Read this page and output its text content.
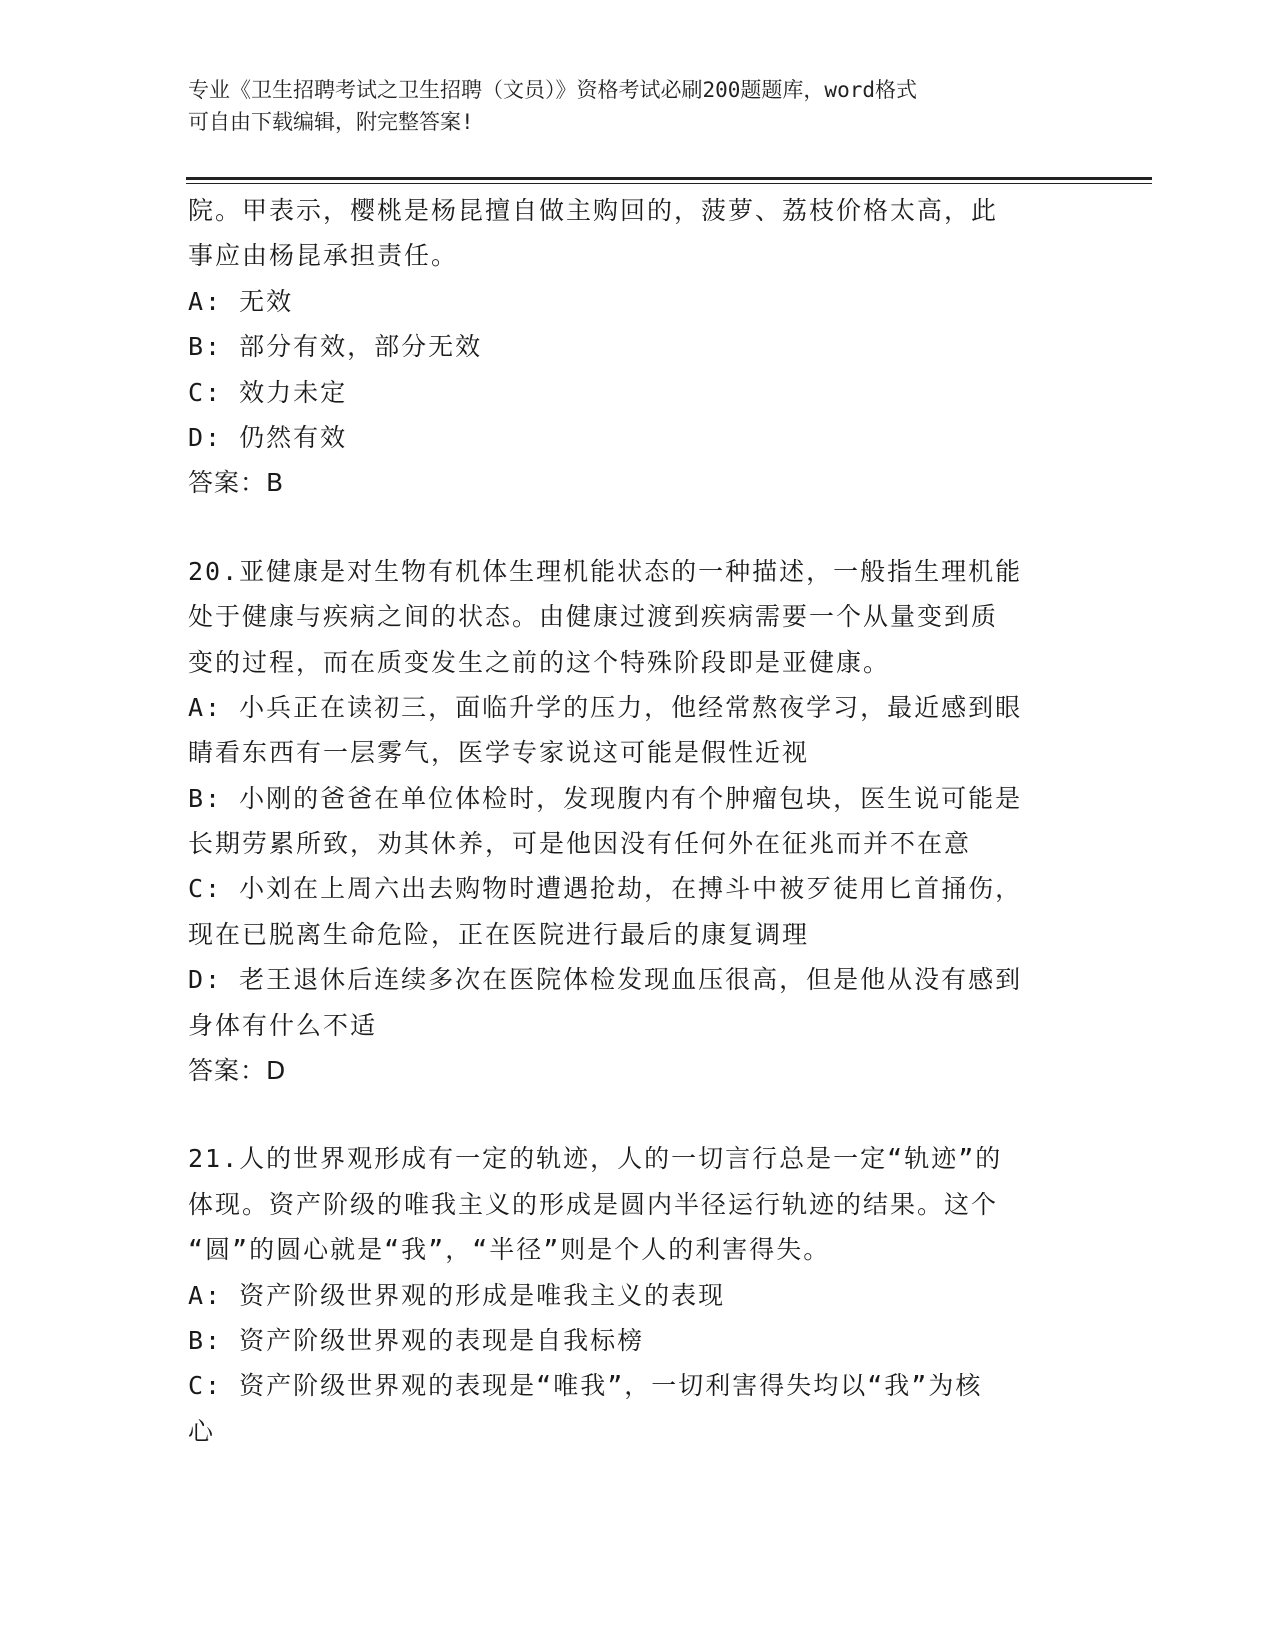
专业《卫生招聘考试之卫生招聘（文员）》资格考试必刷200题题库，word格式
可自由下载编辑，附完整答案!
院。甲表示，樱桃是杨昆擅自做主购回的，菠萝、荔枝价格太高，此
事应由杨昆承担责任。
A: 无效
B: 部分有效，部分无效
C: 效力未定
D: 仍然有效
答案：B
20.亚健康是对生物有机体生理机能状态的一种描述，一般指生理机能
处于健康与疾病之间的状态。由健康过渡到疾病需要一个从量变到质
变的过程，而在质变发生之前的这个特殊阶段即是亚健康。
A: 小兵正在读初三，面临升学的压力，他经常熬夜学习，最近感到眼
睛看东西有一层雾气，医学专家说这可能是假性近视
B: 小刚的爸爸在单位体检时，发现腹内有个肿瘤包块，医生说可能是
长期劳累所致，劝其休养，可是他因没有任何外在征兆而并不在意
C: 小刘在上周六出去购物时遭遇抢劫，在搏斗中被歹徒用匕首捅伤，
现在已脱离生命危险，正在医院进行最后的康复调理
D: 老王退休后连续多次在医院体检发现血压很高，但是他从没有感到
身体有什么不适
答案：D
21.人的世界观形成有一定的轨迹，人的一切言行总是一定“轨迹”的
体现。资产阶级的唯我主义的形成是圆内半径运行轨迹的结果。这个
“圆”的圆心就是“我”，“半径”则是个人的利害得失。
A: 资产阶级世界观的形成是唯我主义的表现
B: 资产阶级世界观的表现是自我标榜
C: 资产阶级世界观的表现是“唯我”，一切利害得失均以“我”为核
心
